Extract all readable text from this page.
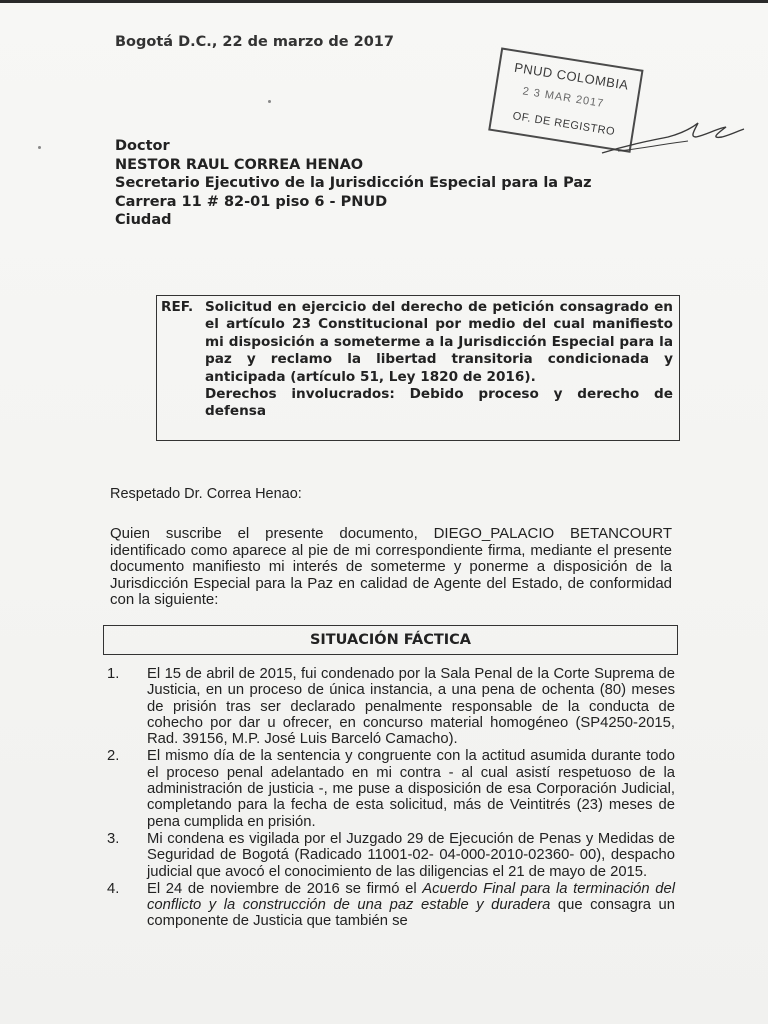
Bogotá D.C., 22 de marzo de 2017
PNUD COLOMBIA
2 3 MAR 2017
OF. DE REGISTRO
Doctor
NESTOR RAUL CORREA HENAO
Secretario Ejecutivo de la Jurisdicción Especial para la Paz
Carrera 11 # 82-01 piso 6 - PNUD
Ciudad
REF. Solicitud en ejercicio del derecho de petición consagrado en el artículo 23 Constitucional por medio del cual manifiesto mi disposición a someterme a la Jurisdicción Especial para la paz y reclamo la libertad transitoria condicionada y anticipada (artículo 51, Ley 1820 de 2016).
Derechos involucrados: Debido proceso y derecho de defensa
Respetado Dr. Correa Henao:
Quien suscribe el presente documento, DIEGO_PALACIO BETANCOURT identificado como aparece al pie de mi correspondiente firma, mediante el presente documento manifiesto mi interés de someterme y ponerme a disposición de la Jurisdicción Especial para la Paz en calidad de Agente del Estado, de conformidad con la siguiente:
SITUACIÓN FÁCTICA
1.	El 15 de abril de 2015, fui condenado por la Sala Penal de la Corte Suprema de Justicia, en un proceso de única instancia, a una pena de ochenta (80) meses de prisión tras ser declarado penalmente responsable de la conducta de cohecho por dar u ofrecer, en concurso material homogéneo (SP4250-2015, Rad. 39156, M.P. José Luis Barceló Camacho).
2.	El mismo día de la sentencia y congruente con la actitud asumida durante todo el proceso penal adelantado en mi contra - al cual asistí respetuoso de la administración de justicia -, me puse a disposición de esa Corporación Judicial, completando para la fecha de esta solicitud, más de Veintitrés (23) meses de pena cumplida en prisión.
3.	Mi condena es vigilada por el Juzgado 29 de Ejecución de Penas y Medidas de Seguridad de Bogotá (Radicado 11001-02- 04-000-2010-02360- 00), despacho judicial que avocó el conocimiento de las diligencias el 21 de mayo de 2015.
4.	El 24 de noviembre de 2016 se firmó el Acuerdo Final para la terminación del conflicto y la construcción de una paz estable y duradera que consagra un componente de Justicia que también se
